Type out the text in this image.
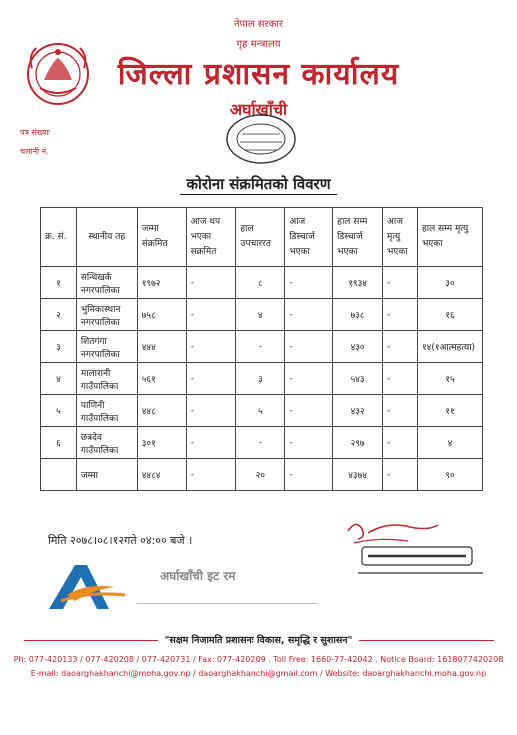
नेपाल सरकार
गृह मन्त्रालय
जिल्ला प्रशासन कार्यालय
अर्घाखाँची
पत्र संख्याः
चलानी नं.
कोरोना संक्रमितको विवरण
क्र. सं.	स्थानीय तह	जम्मा संक्रमित	आज थप भएका सक्रमित	हाल उपचाररत	आज डिस्चार्ज भएका	हाल सम्म डिस्चार्ज भएका	आज मृत्यु भएका	हाल सम्म मृत्यु भएका
१	सन्धिखर्क नगरपालिका	१९७२	-	८	-	१९३४	-	३०
२	भुमिकास्थान नगरपालिका	७५८	-	४	-	७३८	-	१६
३	शितगंगा नगरपालिका	४४४	-	-	-	४३०	-	१४(१आत्महत्या)
४	मालारानी गाउँपालिका	५६१	-	३	-	५४३	-	१५
५	पाणिनी गाउँपालिका	४४८	-	५	-	४३२	-	११
६	छत्रदेव गाउँपालिका	३०१	-	-	-	२९७	-	४
	जम्मा	४४८४	-	२०	-	४३७४	-	९०
मिति २०७८।०८।१२गते ०४:०० बजे ।
अर्घाखाँची इट रम
"सक्षम निजामति प्रशासनः विकास, समृद्धि र सुशासन"
Ph: 077-420133 / 077-420208 / 077-420731 / Fax: 077-420209 . Toll Free: 1660-77-42042 . Notice Board: 1618077420208
E-mail: daoarghakhanchi@moha.gov.np / daoarghakhanchi@gmail.com / Website: daoarghakhanchi.moha.gov.np
